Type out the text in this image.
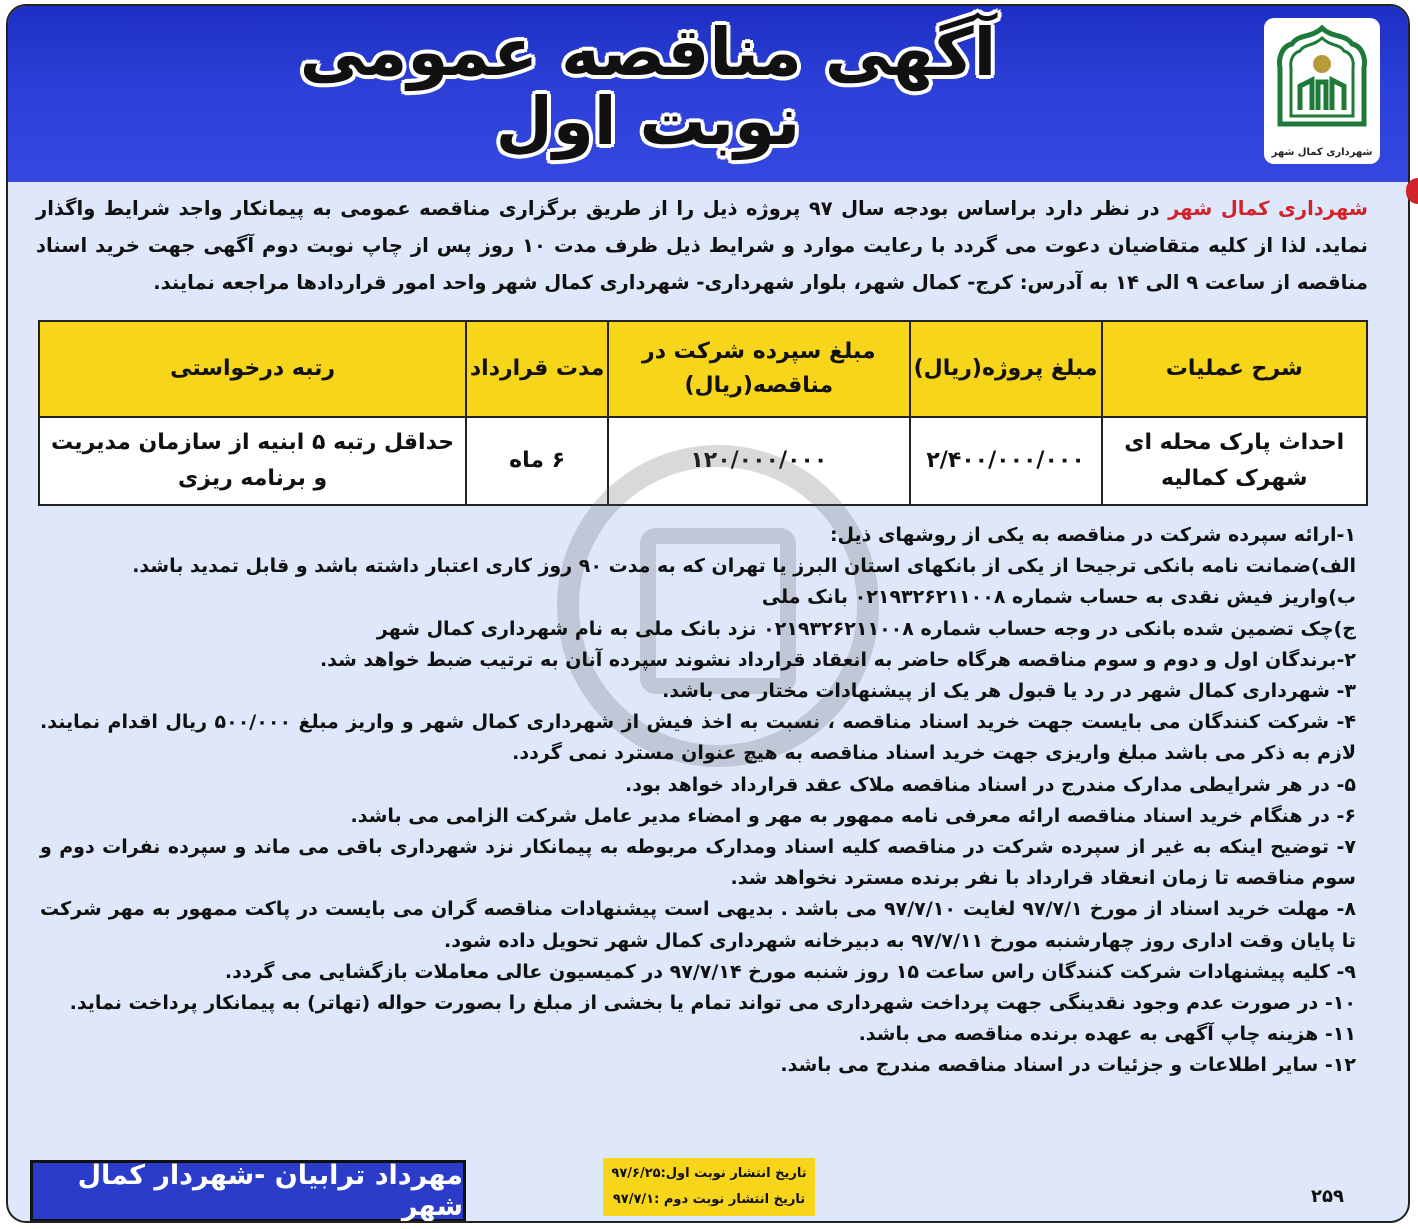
آگهی مناقصه عمومی
نوبت اول	شهرداری کمال شهر
شهرداری کمال شهر در نظر دارد براساس بودجه سال ۹۷ پروژه ذیل را از طریق برگزاری مناقصه عمومی به پیمانکار واجد شرایط واگذار نماید. لذا از کلیه متقاضیان دعوت می گردد با رعایت موارد و شرایط ذیل ظرف مدت ۱۰ روز پس از چاپ نوبت دوم آگهی جهت خرید اسناد مناقصه از ساعت ۹ الی ۱۴ به آدرس: کرج- کمال شهر، بلوار شهرداری- شهرداری کمال شهر واحد امور قراردادها مراجعه نمایند.
شرح عملیات	مبلغ پروژه(ریال)	مبلغ سپرده شرکت در مناقصه(ریال)	مدت قرارداد	رتبه درخواستی
احداث پارک محله ای شهرک کمالیه	۲/۴۰۰/۰۰۰/۰۰۰	۱۲۰/۰۰۰/۰۰۰	۶ ماه	حداقل رتبه ۵ ابنیه از سازمان مدیریت و برنامه ریزی

۱-ارائه سپرده شرکت در مناقصه به یکی از روشهای ذیل:

الف)ضمانت نامه بانکی ترجیحا از یکی از بانکهای استان البرز یا تهران که به مدت ۹۰ روز کاری اعتبار داشته باشد و قابل تمدید باشد.

ب)واریز فیش نقدی به حساب شماره ۰۲۱۹۳۲۶۲۱۱۰۰۸ بانک ملی

ج)چک تضمین شده بانکی در وجه حساب شماره ۰۲۱۹۳۲۶۲۱۱۰۰۸ نزد بانک ملی به نام شهرداری کمال شهر

۲-برندگان اول و دوم و سوم مناقصه هرگاه حاضر به انعقاد قرارداد نشوند سپرده آنان به ترتیب ضبط خواهد شد.

۳- شهرداری کمال شهر در رد یا قبول هر یک از پیشنهادات مختار می باشد.

۴- شرکت کنندگان می بایست جهت خرید اسناد مناقصه ، نسبت به اخذ فیش از شهرداری کمال شهر و واریز مبلغ ۵۰۰/۰۰۰ ریال اقدام نمایند. لازم به ذکر می باشد مبلغ واریزی جهت خرید اسناد مناقصه به هیچ عنوان مسترد نمی گردد.

۵- در هر شرایطی مدارک مندرج در اسناد مناقصه ملاک عقد قرارداد خواهد بود.

۶- در هنگام خرید اسناد مناقصه ارائه معرفی نامه ممهور به مهر و امضاء مدیر عامل شرکت الزامی می باشد.

۷- توضیح اینکه به غیر از سپرده شرکت در مناقصه کلیه اسناد ومدارک مربوطه به پیمانکار نزد شهرداری باقی می ماند و سپرده نفرات دوم و سوم مناقصه تا زمان انعقاد قرارداد با نفر برنده مسترد نخواهد شد.

۸- مهلت خرید اسناد از مورخ ۹۷/۷/۱ لغایت ۹۷/۷/۱۰ می باشد . بدیهی است پیشنهادات مناقصه گران می بایست در پاکت ممهور به مهر شرکت تا پایان وقت اداری روز چهارشنبه مورخ ۹۷/۷/۱۱ به دبیرخانه شهرداری کمال شهر تحویل داده شود.

۹- کلیه پیشنهادات شرکت کنندگان راس ساعت ۱۵ روز شنبه مورخ ۹۷/۷/۱۴ در کمیسیون عالی معاملات بازگشایی می گردد.

۱۰- در صورت عدم وجود نقدینگی جهت پرداخت شهرداری می تواند تمام یا بخشی از مبلغ را بصورت حواله (تهاتر) به پیمانکار پرداخت نماید.

۱۱- هزینه چاپ آگهی به عهده برنده مناقصه می باشد.

۱۲- سایر اطلاعات و جزئیات در اسناد مناقصه مندرج می باشد.

مهرداد ترابیان -شهردار کمال شهر
تاریخ انتشار نوبت اول:۹۷/۶/۲۵
تاریخ انتشار نوبت دوم :۹۷/۷/۱	۲۵۹
